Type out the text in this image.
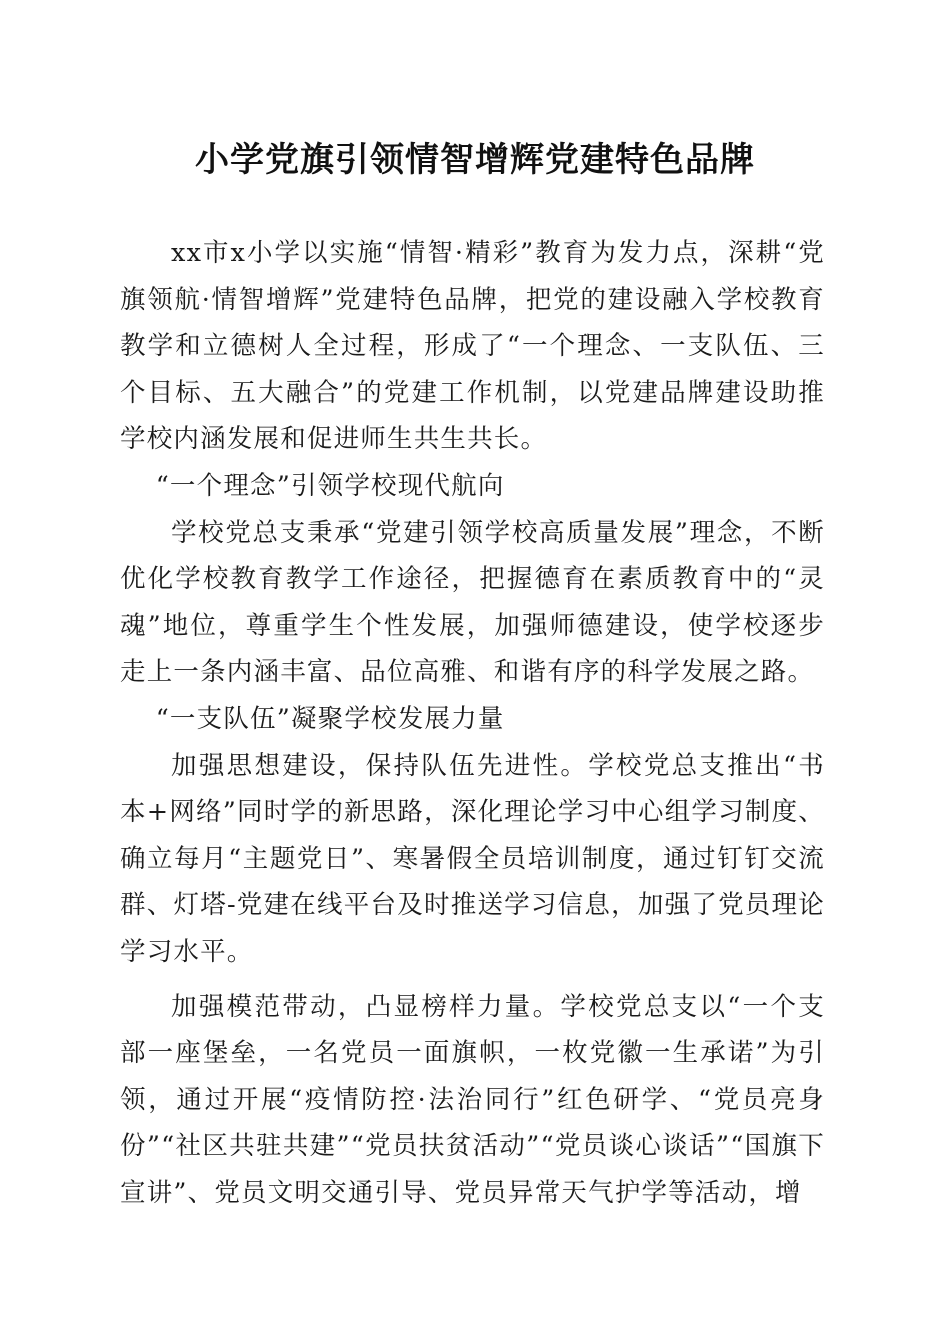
小学党旗引领情智增辉党建特色品牌

xx市x小学以实施“情智·精彩”教育为发力点，深耕“党旗领航·情智增辉”党建特色品牌，把党的建设融入学校教育教学和立德树人全过程，形成了“一个理念、一支队伍、三个目标、五大融合”的党建工作机制，以党建品牌建设助推学校内涵发展和促进师生共生共长。

“一个理念”引领学校现代航向

学校党总支秉承“党建引领学校高质量发展”理念，不断优化学校教育教学工作途径，把握德育在素质教育中的“灵魂”地位，尊重学生个性发展，加强师德建设，使学校逐步走上一条内涵丰富、品位高雅、和谐有序的科学发展之路。

“一支队伍”凝聚学校发展力量

加强思想建设，保持队伍先进性。学校党总支推出“书本+网络”同时学的新思路，深化理论学习中心组学习制度、确立每月“主题党日”、寒暑假全员培训制度，通过钉钉交流群、灯塔-党建在线平台及时推送学习信息，加强了党员理论学习水平。

加强模范带动，凸显榜样力量。学校党总支以“一个支部一座堡垒，一名党员一面旗帜，一枚党徽一生承诺”为引领，通过开展“疫情防控·法治同行”红色研学、“党员亮身份”“社区共驻共建”“党员扶贫活动”“党员谈心谈话”“国旗下宣讲”、党员文明交通引导、党员异常天气护学等活动，增
